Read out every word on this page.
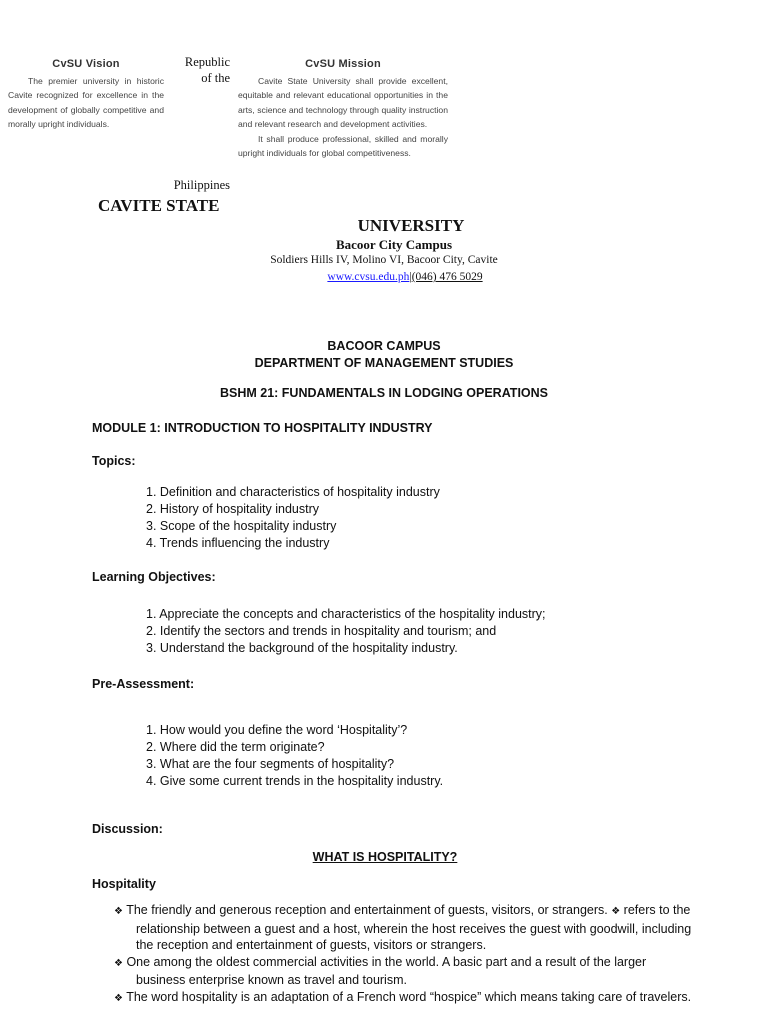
CvSU Vision

The premier university in historic Cavite recognized for excellence in the development of globally competitive and morally upright individuals.

Republic
of the
CvSU Mission

Cavite State University shall provide excellent, equitable and relevant educational opportunities in the arts, science and technology through quality instruction and relevant research and development activities.

It shall produce professional, skilled and morally upright individuals for global competitiveness.

Philippines
CAVITE STATE
UNIVERSITY
Bacoor City Campus
Soldiers Hills IV, Molino VI, Bacoor City, Cavite
www.cvsu.edu.ph|(046) 476 5029
BACOOR CAMPUS
DEPARTMENT OF MANAGEMENT STUDIES
BSHM 21: FUNDAMENTALS IN LODGING OPERATIONS
MODULE 1: INTRODUCTION TO HOSPITALITY INDUSTRY
Topics:
1. Definition and characteristics of hospitality industry
2. History of hospitality industry
3. Scope of the hospitality industry
4. Trends influencing the industry
Learning Objectives:
1. Appreciate the concepts and characteristics of the hospitality industry;
2. Identify the sectors and trends in hospitality and tourism; and
3. Understand the background of the hospitality industry.
Pre-Assessment:
1. How would you define the word ‘Hospitality’?
2. Where did the term originate?
3. What are the four segments of hospitality?
4. Give some current trends in the hospitality industry.
Discussion:
WHAT IS HOSPITALITY?
Hospitality

❖ The friendly and generous reception and entertainment of guests, visitors, or strangers. ❖ refers to the relationship between a guest and a host, wherein the host receives the guest with goodwill, including the reception and entertainment of guests, visitors or strangers.

❖ One among the oldest commercial activities in the world. A basic part and a result of the larger business enterprise known as travel and tourism.

❖ The word hospitality is an adaptation of a French word “hospice” which means taking care of travelers.
